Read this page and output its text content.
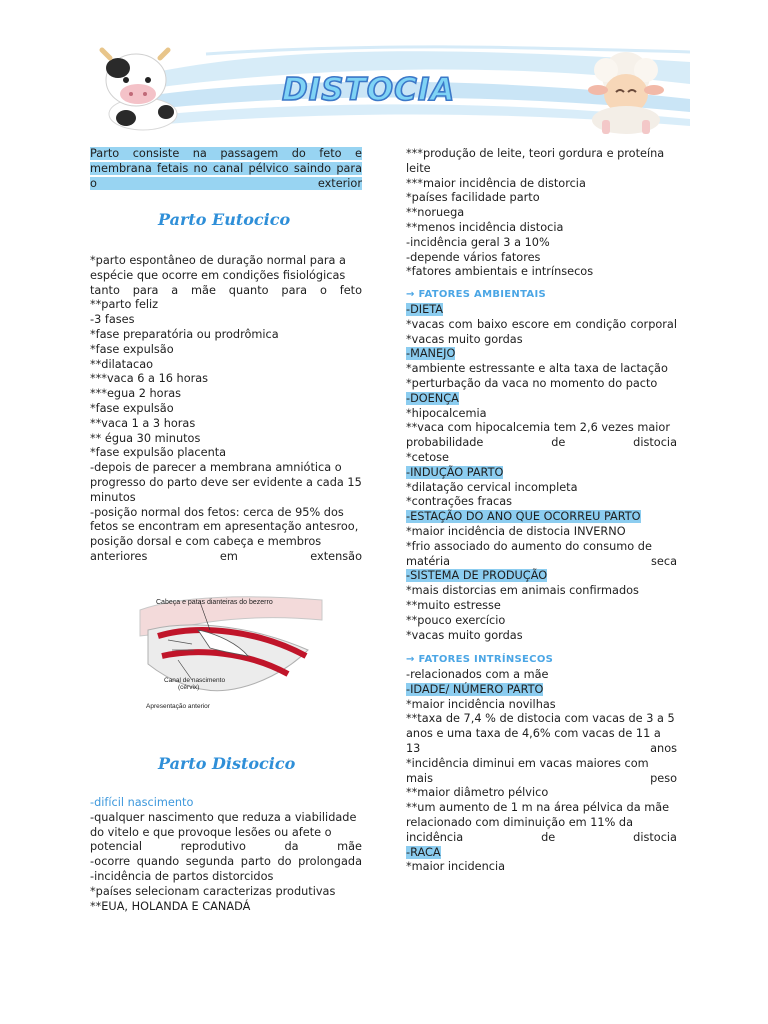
DISTOCIA

Parto consiste na passagem do feto e membrana fetais no canal pélvico saindo para o exterior

Parto Eutocico

*parto espontâneo de duração normal para a espécie que ocorre em condições fisiológicas tanto para a mãe quanto para o feto

**parto feliz

-3 fases

*fase preparatória ou prodrômica

*fase expulsão

**dilatacao

***vaca 6 a 16 horas

***egua 2 horas

*fase expulsão

**vaca 1 a 3 horas

** égua 30 minutos

*fase expulsão placenta

-depois de parecer a membrana amniótica o progresso do parto deve ser evidente a cada 15 minutos

-posição normal dos fetos: cerca de 95% dos fetos se encontram em apresentação antesroo, posição dorsal e com cabeça e membros anteriores em extensão

Cabeça e patas dianteiras do bezerro
Canal de nascimento
(cérvix)
Apresentação anterior
Parto Distocico

-difícil nascimento

-qualquer nascimento que reduza a viabilidade do vitelo e que provoque lesões ou afete o potencial reprodutivo da mãe

-ocorre quando segunda parto do prolongada

-incidência de partos distorcidos

*países selecionam caracterizas produtivas

**EUA, HOLANDA E CANADÁ

***produção de leite, teori gordura e proteína leite

***maior incidência de distorcia

*países facilidade parto

**noruega

**menos incidência distocia

-incidência geral 3 a 10%

-depende vários fatores

*fatores ambientais e intrínsecos

→ FATORES AMBIENTAIS

-DIETA

*vacas com baixo escore em condição corporal

*vacas muito gordas

-MANEJO

*ambiente estressante e alta taxa de lactação

*perturbação da vaca no momento do pacto

-DOENÇA

*hipocalcemia

**vaca com hipocalcemia tem 2,6 vezes maior probabilidade de distocia

*cetose

-INDUÇÃO PARTO

*dilatação cervical incompleta

*contrações fracas

-ESTAÇÃO DO ANO QUE OCORREU PARTO

*maior incidência de distocia INVERNO

*frio associado do aumento do consumo de matéria seca

-SISTEMA DE PRODUÇÃO

*mais distorcias em animais confirmados

**muito estresse

**pouco exercício

*vacas muito gordas

→ FATORES INTRÍNSECOS

-relacionados com a mãe

-IDADE/ NÚMERO PARTO

*maior incidência novilhas

**taxa de 7,4 % de distocia com vacas de 3 a 5 anos e uma taxa de 4,6% com vacas de 11 a 13 anos

*incidência diminui em vacas maiores com mais peso

**maior diâmetro pélvico

**um aumento de 1 m na área pélvica da mãe relacionado com diminuição em 11% da incidência de distocia

-RACA

*maior incidencia
